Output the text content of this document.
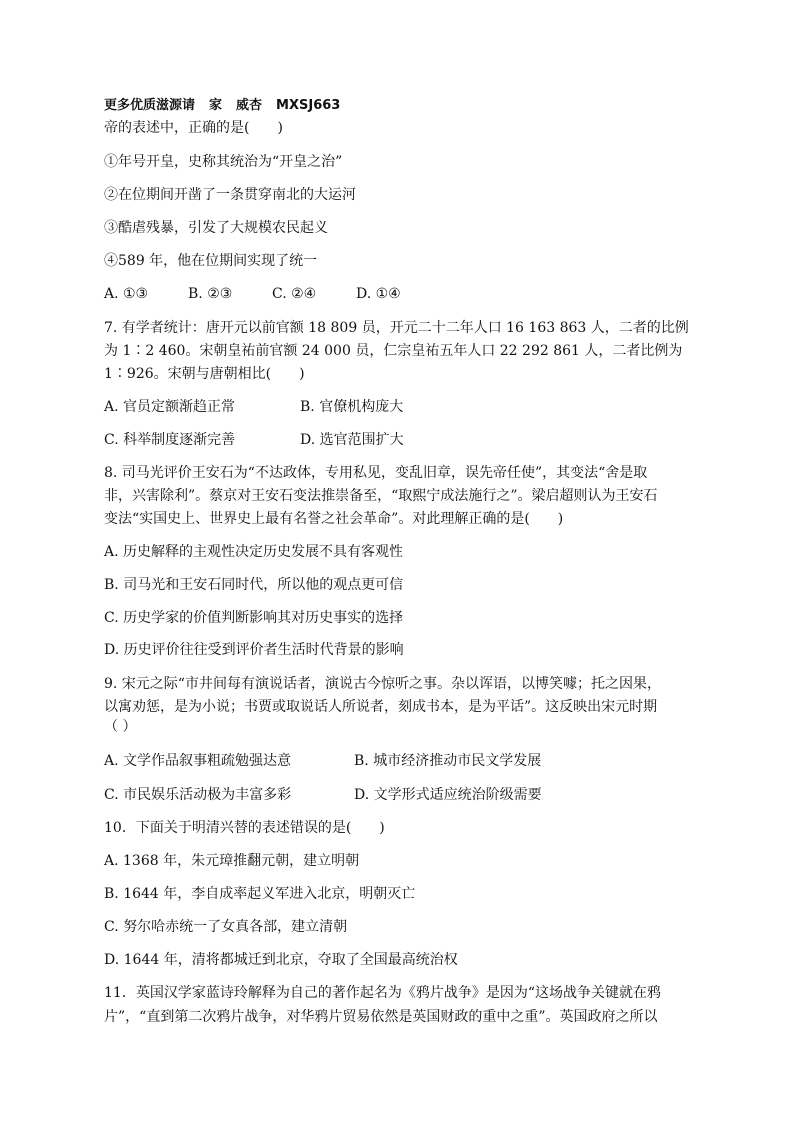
更多优质滋源请 家 威杏 MXSJ663
帝的表述中，正确的是(　　)
①年号开皇，史称其统治为“开皇之治”
②在位期间开凿了一条贯穿南北的大运河
③酷虐残暴，引发了大规模农民起义
④589 年，他在位期间实现了统一
A. ①③	B. ②③	C. ②④	D. ①④
7. 有学者统计：唐开元以前官额 18 809 员，开元二十二年人口 16 163 863 人，二者的比例
为 1∶2 460。宋朝皇祐前官额 24 000 员，仁宗皇祐五年人口 22 292 861 人，二者比例为
1∶926。宋朝与唐朝相比(　　)
A. 官员定额渐趋正常	B. 官僚机构庞大
C. 科举制度逐渐完善	D. 选官范围扩大
8. 司马光评价王安石为“不达政体，专用私见，变乱旧章，误先帝任使”，其变法“舍是取
非，兴害除利”。蔡京对王安石变法推崇备至，“取熙宁成法施行之”。梁启超则认为王安石
变法“实国史上、世界史上最有名誉之社会革命”。对此理解正确的是(　　)
A. 历史解释的主观性决定历史发展不具有客观性
B. 司马光和王安石同时代，所以他的观点更可信
C. 历史学家的价值判断影响其对历史事实的选择
D. 历史评价往往受到评价者生活时代背景的影响
9. 宋元之际“市井间每有演说话者，演说古今惊听之事。杂以诨语，以博笑噱；托之因果，
以寓劝惩，是为小说；书贾或取说话人所说者，刻成书本，是为平话”。这反映出宋元时期
（ ）
A. 文学作品叙事粗疏勉强达意	B. 城市经济推动市民文学发展
C. 市民娱乐活动极为丰富多彩	D. 文学形式适应统治阶级需要
10．下面关于明清兴替的表述错误的是(　　)
A. 1368 年，朱元璋推翻元朝，建立明朝
B. 1644 年，李自成率起义军进入北京，明朝灭亡
C. 努尔哈赤统一了女真各部，建立清朝
D. 1644 年，清将都城迁到北京，夺取了全国最高统治权
11．英国汉学家蓝诗玲解释为自己的著作起名为《鸦片战争》是因为“这场战争关键就在鸦
片”，“直到第二次鸦片战争，对华鸦片贸易依然是英国财政的重中之重”。英国政府之所以
